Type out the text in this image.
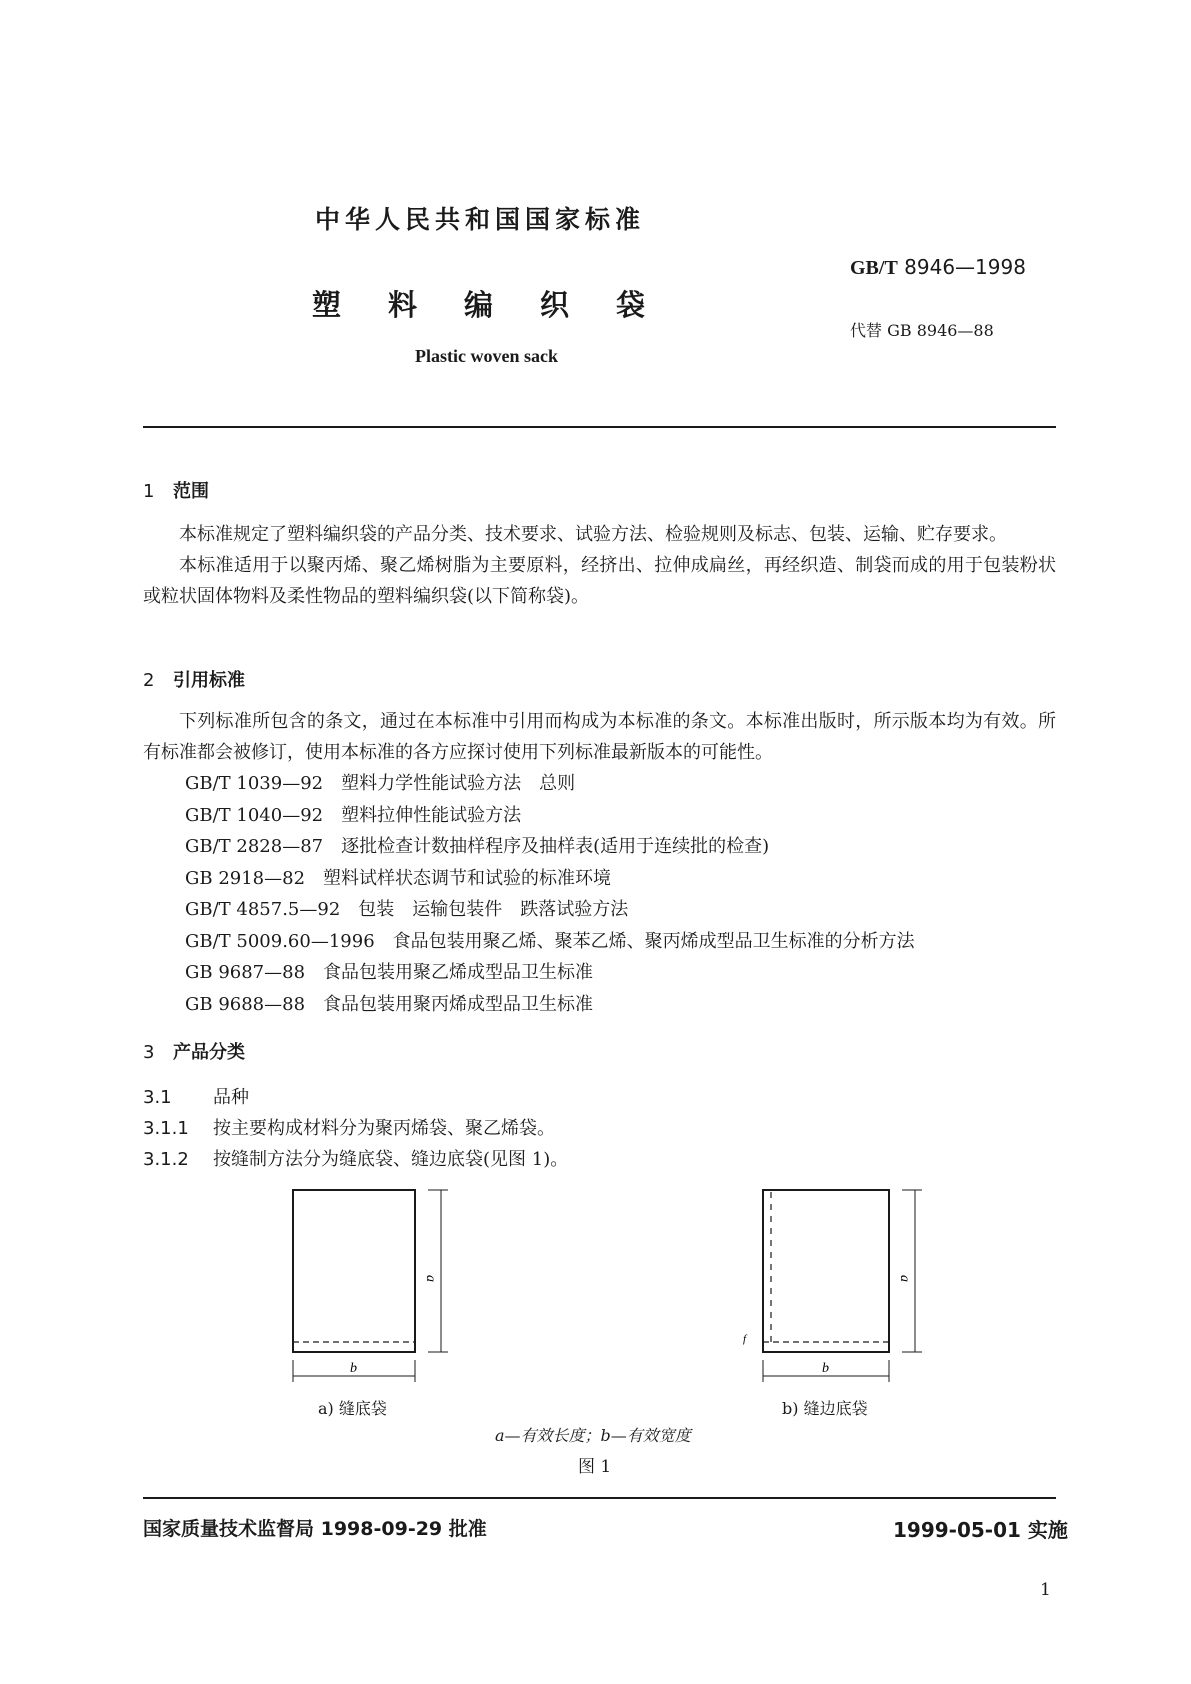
中华人民共和国国家标准
塑料编织袋
Plastic woven sack
GB/T 8946—1998
代替 GB 8946—88
1 范围

本标准规定了塑料编织袋的产品分类、技术要求、试验方法、检验规则及标志、包装、运输、贮存要求。

本标准适用于以聚丙烯、聚乙烯树脂为主要原料，经挤出、拉伸成扁丝，再经织造、制袋而成的用于包装粉状或粒状固体物料及柔性物品的塑料编织袋(以下简称袋)。

2 引用标准

下列标准所包含的条文，通过在本标准中引用而构成为本标准的条文。本标准出版时，所示版本均为有效。所有标准都会被修订，使用本标准的各方应探讨使用下列标准最新版本的可能性。

GB/T 1039—92 塑料力学性能试验方法　总则
GB/T 1040—92 塑料拉伸性能试验方法
GB/T 2828—87 逐批检查计数抽样程序及抽样表(适用于连续批的检查)
GB 2918—82 塑料试样状态调节和试验的标准环境
GB/T 4857.5—92 包装　运输包装件　跌落试验方法
GB/T 5009.60—1996 食品包装用聚乙烯、聚苯乙烯、聚丙烯成型品卫生标准的分析方法
GB 9687—88 食品包装用聚乙烯成型品卫生标准
GB 9688—88 食品包装用聚丙烯成型品卫生标准
3 产品分类
3.1 品种
3.1.1 按主要构成材料分为聚丙烯袋、聚乙烯袋。
3.1.2 按缝制方法分为缝底袋、缝边底袋(见图 1)。
a
b
a
b
f
a) 缝底袋	b) 缝边底袋
a—有效长度；b—有效宽度
图 1
国家质量技术监督局 1998-09-29 批准	1999-05-01 实施
1
